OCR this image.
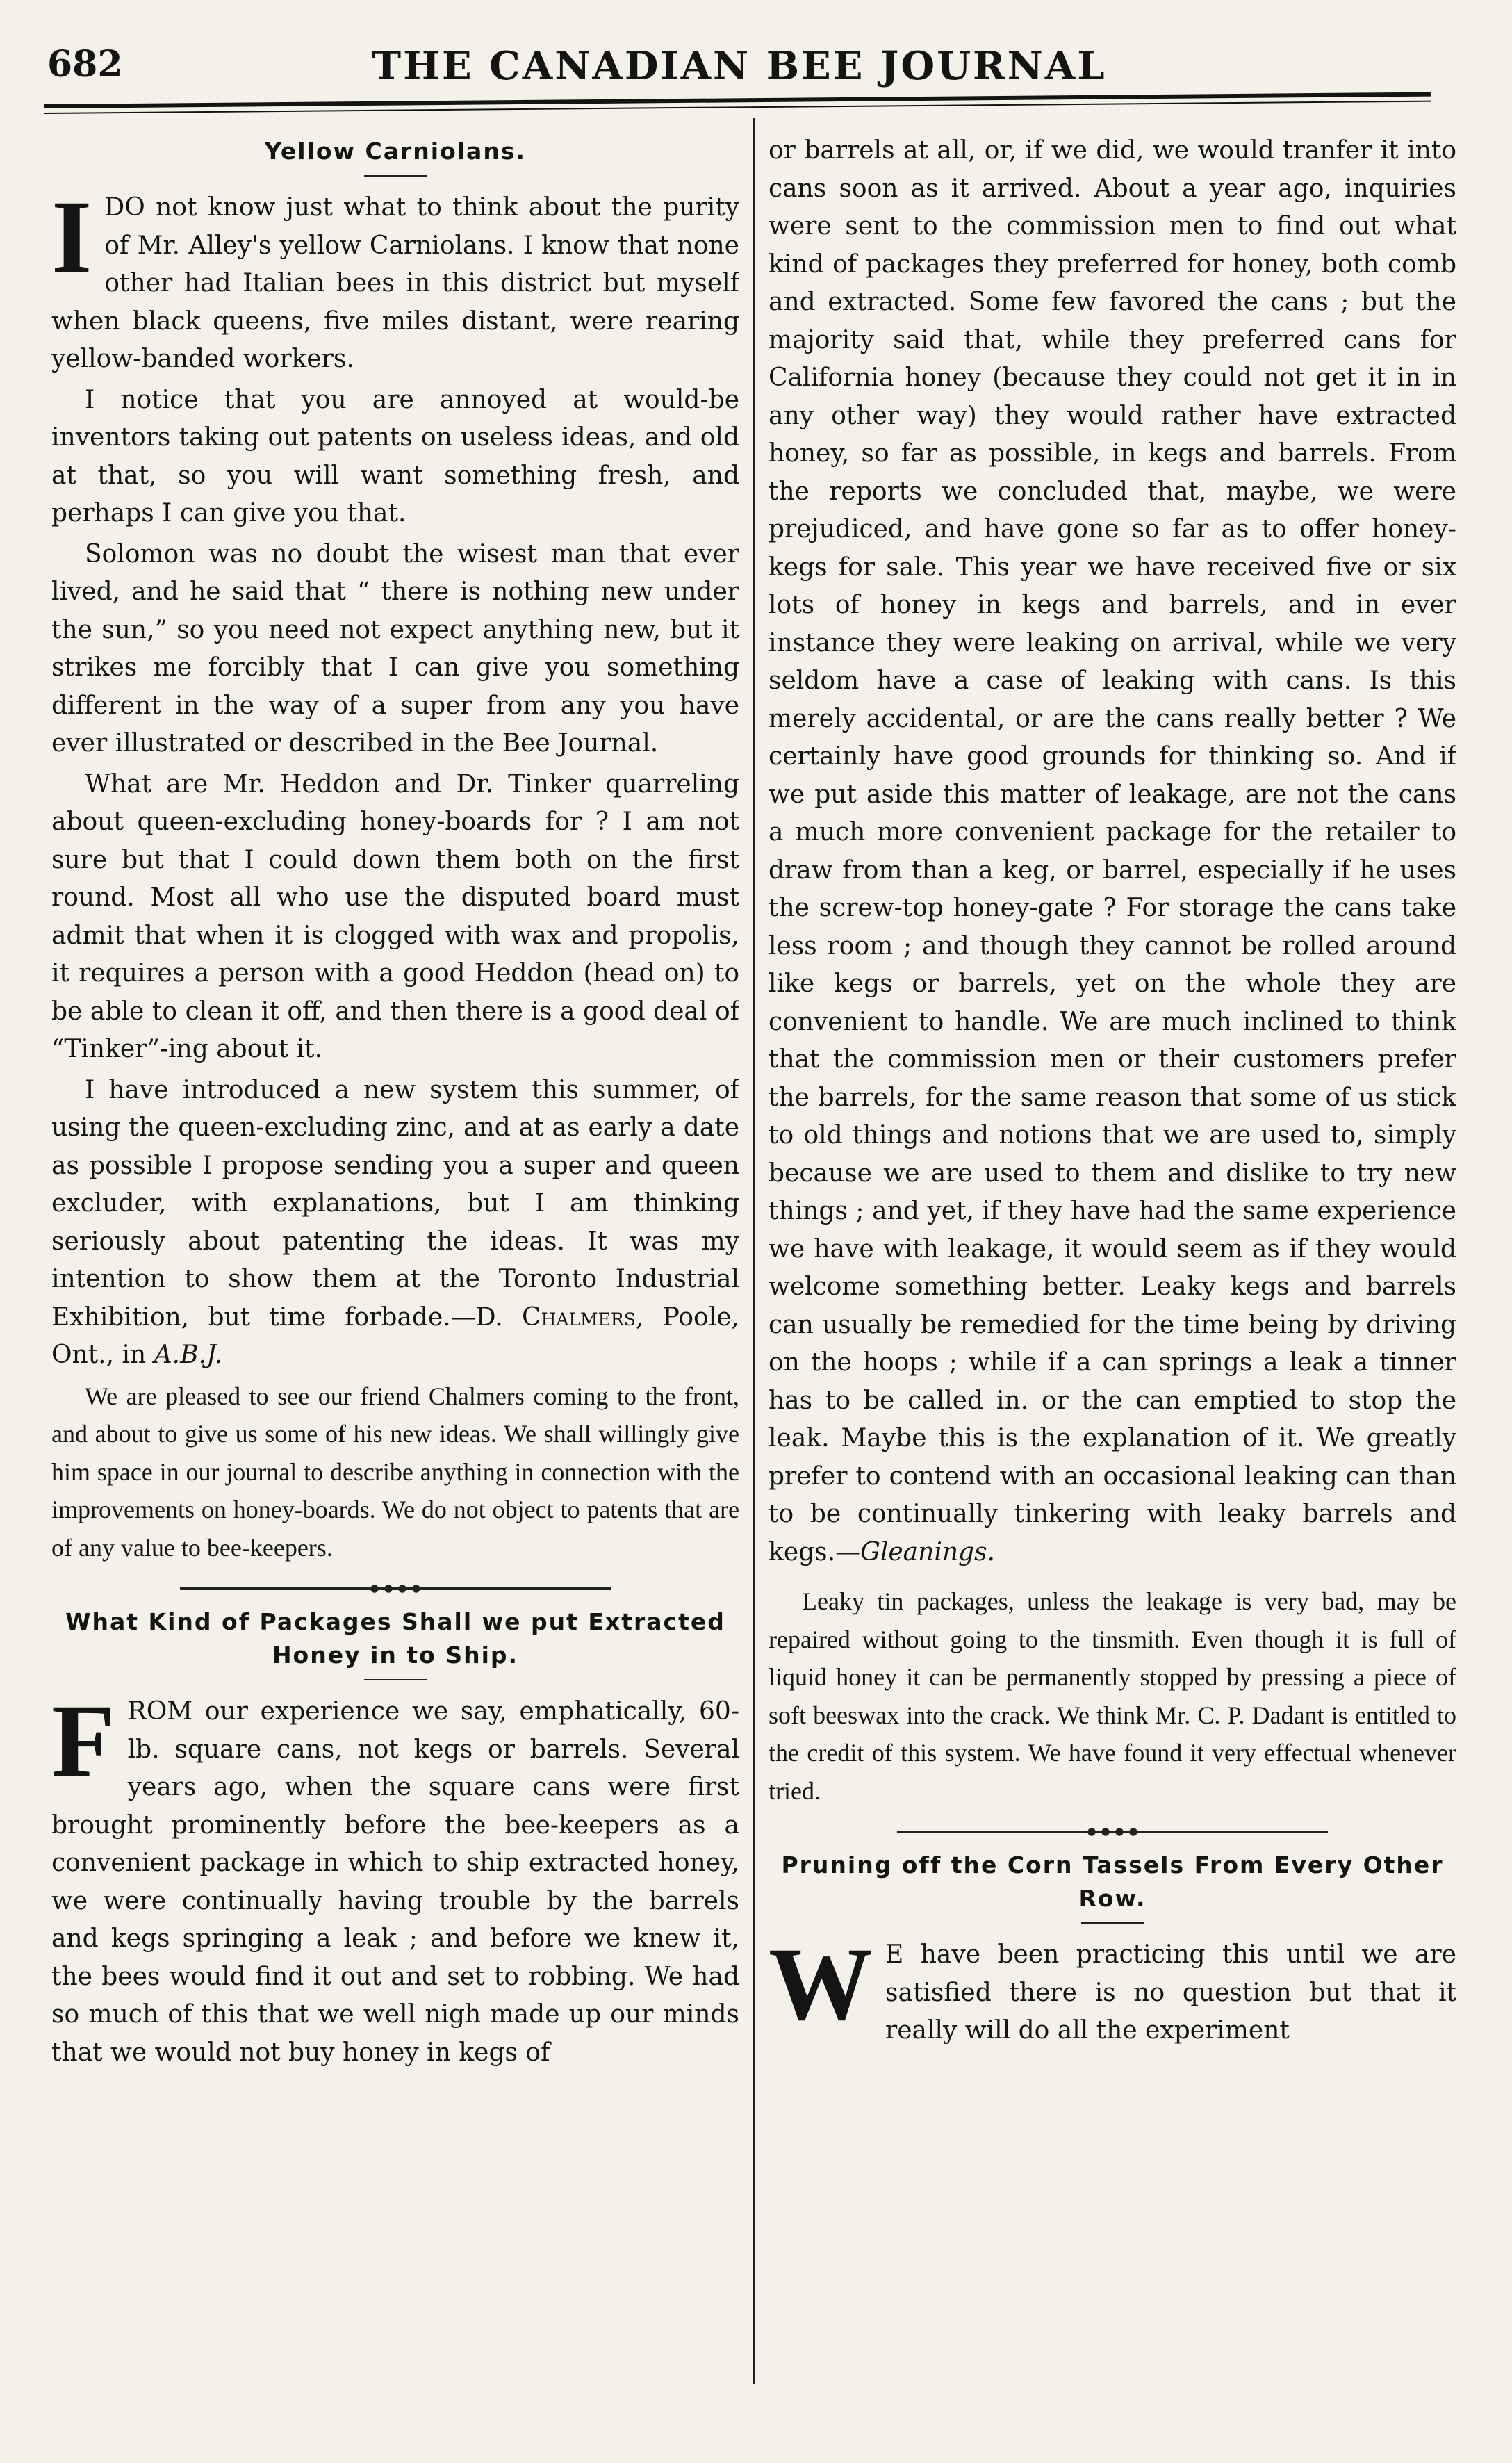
682	THE CANADIAN BEE JOURNAL
Yellow Carniolans.

I DO not know just what to think about the purity of Mr. Alley's yellow Carniolans. I know that none other had Italian bees in this district but myself when black queens, five miles distant, were rearing yellow-banded workers.

I notice that you are annoyed at would-be inventors taking out patents on useless ideas, and old at that, so you will want something fresh, and perhaps I can give you that.

Solomon was no doubt the wisest man that ever lived, and he said that “ there is nothing new under the sun,” so you need not expect anything new, but it strikes me forcibly that I can give you something different in the way of a super from any you have ever illustrated or described in the Bee Journal.

What are Mr. Heddon and Dr. Tinker quarreling about queen-excluding honey-boards for ? I am not sure but that I could down them both on the first round. Most all who use the disputed board must admit that when it is clogged with wax and propolis, it requires a person with a good Heddon (head on) to be able to clean it off, and then there is a good deal of “Tinker”-ing about it.

I have introduced a new system this summer, of using the queen-excluding zinc, and at as early a date as possible I propose sending you a super and queen excluder, with explanations, but I am thinking seriously about patenting the ideas. It was my intention to show them at the Toronto Industrial Exhibition, but time forbade.—D. Chalmers, Poole, Ont., in A.B.J.

We are pleased to see our friend Chalmers coming to the front, and about to give us some of his new ideas. We shall willingly give him space in our journal to describe anything in connection with the improvements on honey-boards. We do not object to patents that are of any value to bee-keepers.

What Kind of Packages Shall we put Extracted Honey in to Ship.

F ROM our experience we say, emphatically, 60-lb. square cans, not kegs or barrels. Several years ago, when the square cans were first brought prominently before the bee-keepers as a convenient package in which to ship extracted honey, we were continually having trouble by the barrels and kegs springing a leak ; and before we knew it, the bees would find it out and set to robbing. We had so much of this that we well nigh made up our minds that we would not buy honey in kegs of

or barrels at all, or, if we did, we would tranfer it into cans soon as it arrived. About a year ago, inquiries were sent to the commission men to find out what kind of packages they preferred for honey, both comb and extracted. Some few favored the cans ; but the majority said that, while they preferred cans for California honey (because they could not get it in in any other way) they would rather have extracted honey, so far as possible, in kegs and barrels. From the reports we concluded that, maybe, we were prejudiced, and have gone so far as to offer honey-kegs for sale. This year we have received five or six lots of honey in kegs and barrels, and in ever instance they were leaking on arrival, while we very seldom have a case of leaking with cans. Is this merely accidental, or are the cans really better ? We certainly have good grounds for thinking so. And if we put aside this matter of leakage, are not the cans a much more convenient package for the retailer to draw from than a keg, or barrel, especially if he uses the screw-top honey-gate ? For storage the cans take less room ; and though they cannot be rolled around like kegs or barrels, yet on the whole they are convenient to handle. We are much inclined to think that the commission men or their customers prefer the barrels, for the same reason that some of us stick to old things and notions that we are used to, simply because we are used to them and dislike to try new things ; and yet, if they have had the same experience we have with leakage, it would seem as if they would welcome something better. Leaky kegs and barrels can usually be remedied for the time being by driving on the hoops ; while if a can springs a leak a tinner has to be called in. or the can emptied to stop the leak. Maybe this is the explanation of it. We greatly prefer to contend with an occasional leaking can than to be continually tinkering with leaky barrels and kegs.—Gleanings.

Leaky tin packages, unless the leakage is very bad, may be repaired without going to the tinsmith. Even though it is full of liquid honey it can be permanently stopped by pressing a piece of soft beeswax into the crack. We think Mr. C. P. Dadant is entitled to the credit of this system. We have found it very effectual whenever tried.

Pruning off the Corn Tassels From Every Other Row.

W E have been practicing this until we are satisfied there is no question but that it really will do all the experiment
